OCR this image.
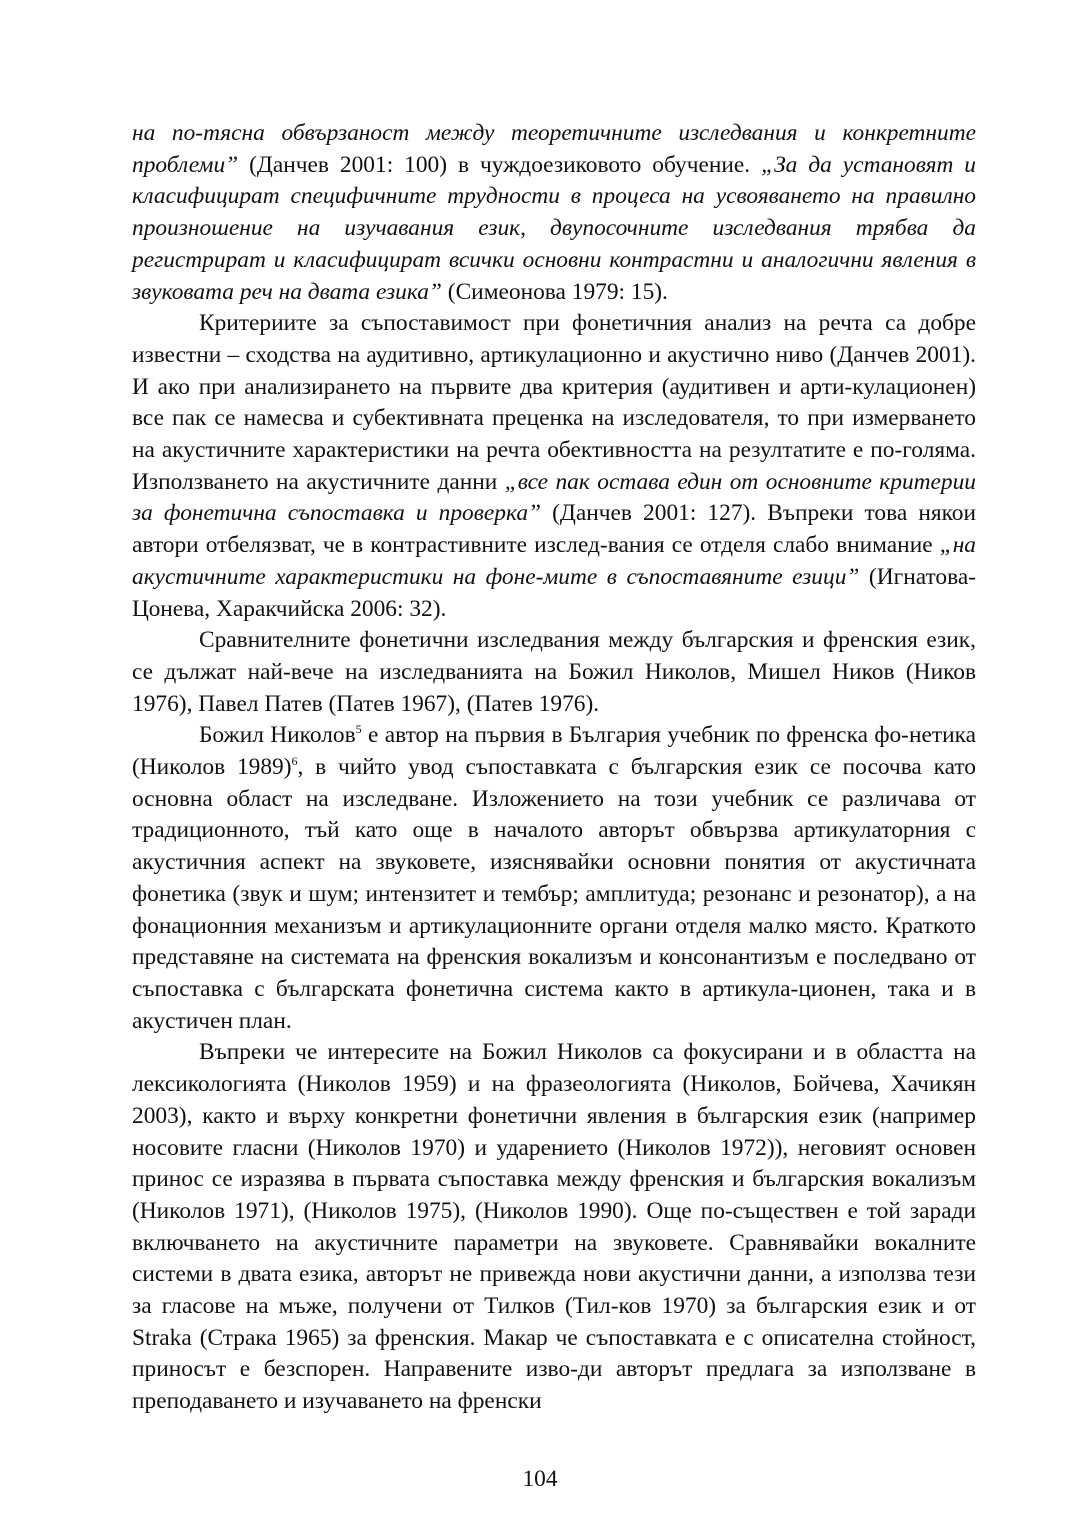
на по-тясна обвързаност между теоретичните изследвания и конкретните проблеми” (Данчев 2001: 100) в чуждоезиковото обучение. „За да установят и класифицират специфичните трудности в процеса на усвояването на правилно произношение на изучавания език, двупосочните изследвания трябва да регистрират и класифицират всички основни контрастни и аналогични явления в звуковата реч на двата езика” (Симеонова 1979: 15).

Критериите за съпоставимост при фонетичния анализ на речта са добре известни – сходства на аудитивно, артикулационно и акустично ниво (Данчев 2001). И ако при анализирането на първите два критерия (аудитивен и арти-кулационен) все пак се намесва и субективната преценка на изследователя, то при измерването на акустичните характеристики на речта обективността на резултатите е по-голяма. Използването на акустичните данни „все пак остава един от основните критерии за фонетична съпоставка и проверка” (Данчев 2001: 127). Въпреки това някои автори отбелязват, че в контрастивните изслед-вания се отделя слабо внимание „на акустичните характеристики на фоне-мите в съпоставяните езици” (Игнатова-Цонева, Харакчийска 2006: 32).

Сравнителните фонетични изследвания между българския и френския език, се дължат най-вече на изследванията на Божил Николов, Мишел Ников (Ников 1976), Павел Патев (Патев 1967), (Патев 1976).

Божил Николов$^5$ е автор на първия в България учебник по френска фо-нетика (Николов 1989)$^6$, в чийто увод съпоставката с българския език се посочва като основна област на изследване. Изложението на този учебник се различава от традиционното, тъй като още в началото авторът обвързва артикулаторния с акустичния аспект на звуковете, изяснявайки основни понятия от акустичната фонетика (звук и шум; интензитет и тембър; амплитуда; резонанс и резонатор), а на фонационния механизъм и артикулационните органи отделя малко място. Краткото представяне на системата на френския вокализъм и консонантизъм е последвано от съпоставка с българската фонетична система както в артикула-ционен, така и в акустичен план.

Въпреки че интересите на Божил Николов са фокусирани и в областта на лексикологията (Николов 1959) и на фразеологията (Николов, Бойчева, Хачикян 2003), както и върху конкретни фонетични явления в българския език (например носовите гласни (Николов 1970) и ударението (Николов 1972)), неговият основен принос се изразява в първата съпоставка между френския и българския вокализъм (Николов 1971), (Николов 1975), (Николов 1990). Още по-съществен е той заради включването на акустичните параметри на звуковете. Сравнявайки вокалните системи в двата езика, авторът не привежда нови акустични данни, а използва тези за гласове на мъже, получени от Тилков (Тил-ков 1970) за българския език и от Straka (Страка 1965) за френския. Макар че съпоставката е с описателна стойност, приносът е безспорен. Направените изво-ди авторът предлага за използване в преподаването и изучаването на френски

104
